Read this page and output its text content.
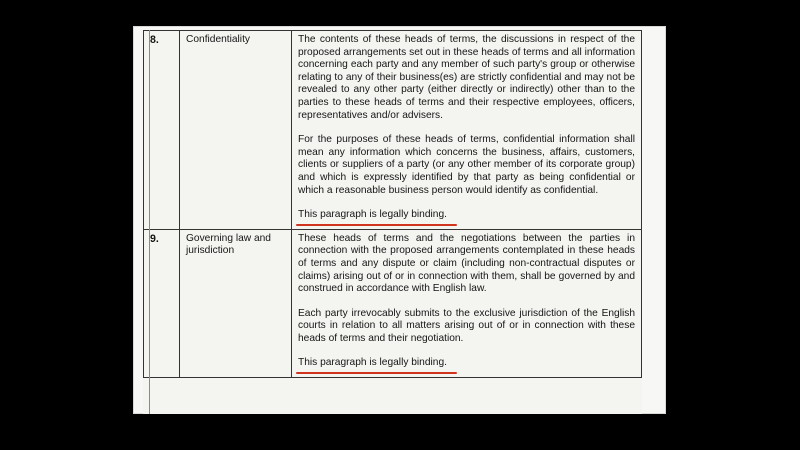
8.	Confidentiality	The contents of these heads of terms, the discussions in respect of the proposed arrangements set out in these heads of terms and all information concerning each party and any member of such party's group or otherwise relating to any of their business(es) are strictly confidential and may not be revealed to any other party (either directly or indirectly) other than to the parties to these heads of terms and their respective employees, officers, representatives and/or advisers.

For the purposes of these heads of terms, confidential information shall mean any information which concerns the business, affairs, customers, clients or suppliers of a party (or any other member of its corporate group) and which is expressly identified by that party as being confidential or which a reasonable business person would identify as confidential.

This paragraph is legally binding.

9.	Governing law and jurisdiction	These heads of terms and the negotiations between the parties in connection with the proposed arrangements contemplated in these heads of terms and any dispute or claim (including non-contractual disputes or claims) arising out of or in connection with them, shall be governed by and construed in accordance with English law.

Each party irrevocably submits to the exclusive jurisdiction of the English courts in relation to all matters arising out of or in connection with these heads of terms and their negotiation.

This paragraph is legally binding.
